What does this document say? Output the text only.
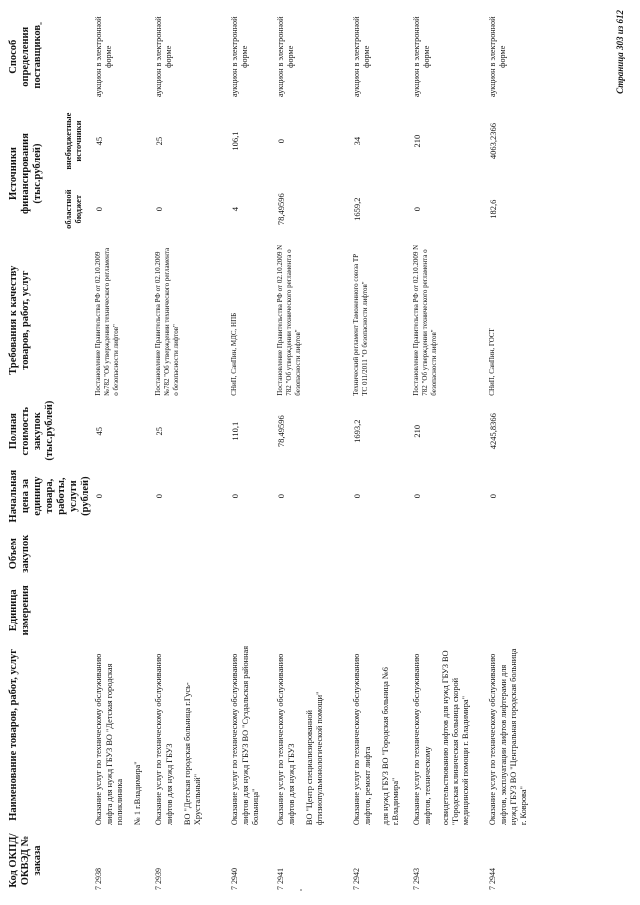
Код ОКПД/ ОКВЭД № заказа	Наименование товаров, работ, услуг	Единица измерения	Объем закупок	Начальная цена за единицу товара, работы, услуги (рублей)	Полная стоимость закупок (тыс.рублей)	Требования к качеству товаров, работ, услуг	Источники финансирования (тыс.рублей)		Способ определения поставщиков
							областной бюджет	внебюджетные источники	
7 2938	Оказание услуг по техническому обслуживанию лифта для нужд ГБУЗ ВО "Детская городская поликлиника № 1 г.Владимира"			0	45	Постановление Правительства РФ от 02.10.2009 №782 "Об утверждении технического регламента о безопасности лифтов"	0	45	аукцион в электронной форме
7 2939	Оказание услуг по техническому обслуживанию лифтов для нужд ГБУЗ ВО "Детская городская больница г.Гусь-Хрустальный"			0	25	Постановление Правительства РФ от 02.10.2009 №782 "Об утверждении технического регламента о безопасности лифтов"	0	25	аукцион в электронной форме
7 2940	Оказание услуг по техническому обслуживанию лифтов для нужд ГБУЗ ВО "Суздальская районная больница"			0	110,1	СНиП, СанПин, МДС, НПБ	4	106,1	аукцион в электронной форме
7 2941	Оказание услуг по техническому обслуживанию лифтов для нужд ГБУЗ ВО "Центр специализированной фтизиопульмонологической помощи"			0	78,49596	Постановление Правительства РФ от 02.10.2009 N 782 "Об утверждении технического регламента о безопасности лифтов"	78,49596	0	аукцион в электронной форме
7 2942	Оказание услуг по техническому обслуживанию лифтов, ремонт лифта для нужд ГБУЗ ВО "Городская больница №6 г.Владимира"			0	1693,2	Технический регламент Таможенного союза ТР ТС 011/2011 "О безопасности лифтов"	1659,2	34	аукцион в электронной форме
7 2943	Оказание услуг по техническому обслуживанию лифтов, техническому освидетельствованию лифтов для нужд ГБУЗ ВО "Городская клиническая больница скорой медицинской помощи г. Владимира"			0	210	Постановление Правительства РФ от 02.10.2009 N 782 "Об утверждении технического регламента о безопасности лифтов"	0	210	аукцион в электронной форме
7 2944	Оказание услуг по техническому обслуживанию лифтов, эксплуатации лифтов лифтерами для нужд ГБУЗ ВО "Центральная городская больница г. Коврова"			0	4245,8366	СНиП, СанПин, ГОСТ	182,6	4063,2366	аукцион в электронной форме	Страница 303 из 612
